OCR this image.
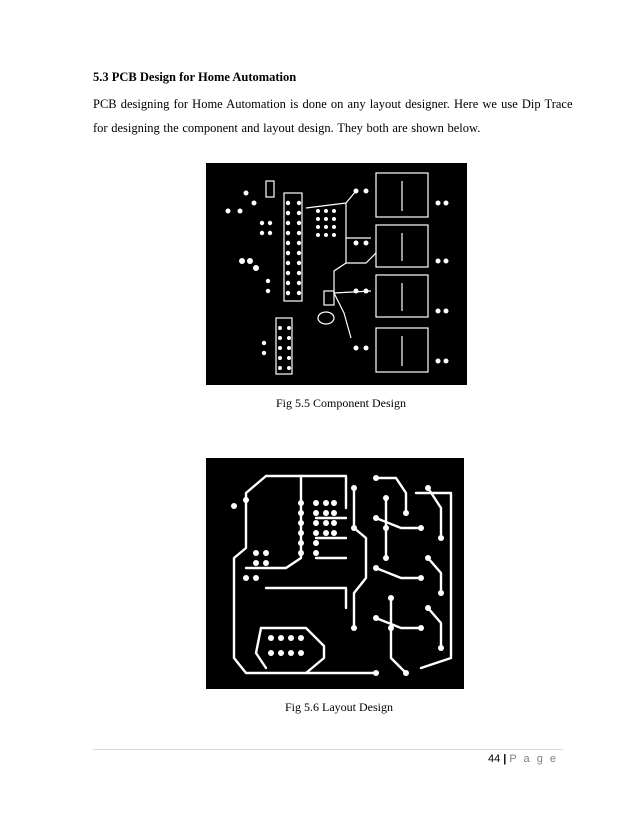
5.3 PCB Design for Home Automation
PCB designing for Home Automation is done on any layout designer. Here we use Dip Trace
for designing the component and layout design. They both are shown below.
Fig 5.5 Component Design
Fig 5.6 Layout Design
44 | P a g e
